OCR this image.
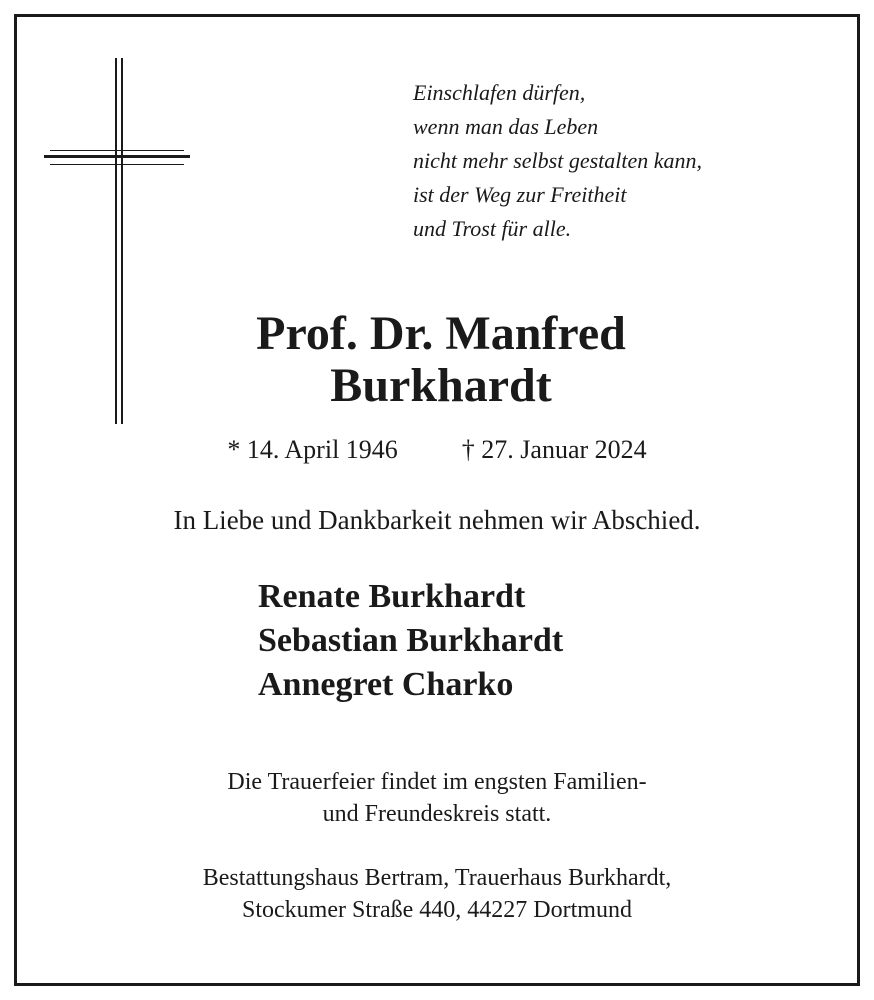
Einschlafen dürfen,
wenn man das Leben
nicht mehr selbst gestalten kann,
ist der Weg zur Freitheit
und Trost für alle.
Prof. Dr. Manfred
Burkhardt
* 14. April 1946 † 27. Januar 2024
In Liebe und Dankbarkeit nehmen wir Abschied.
Renate Burkhardt
Sebastian Burkhardt
Annegret Charko
Die Trauerfeier findet im engsten Familien-
und Freundeskreis statt.
Bestattungshaus Bertram, Trauerhaus Burkhardt,
Stockumer Straße 440, 44227 Dortmund
